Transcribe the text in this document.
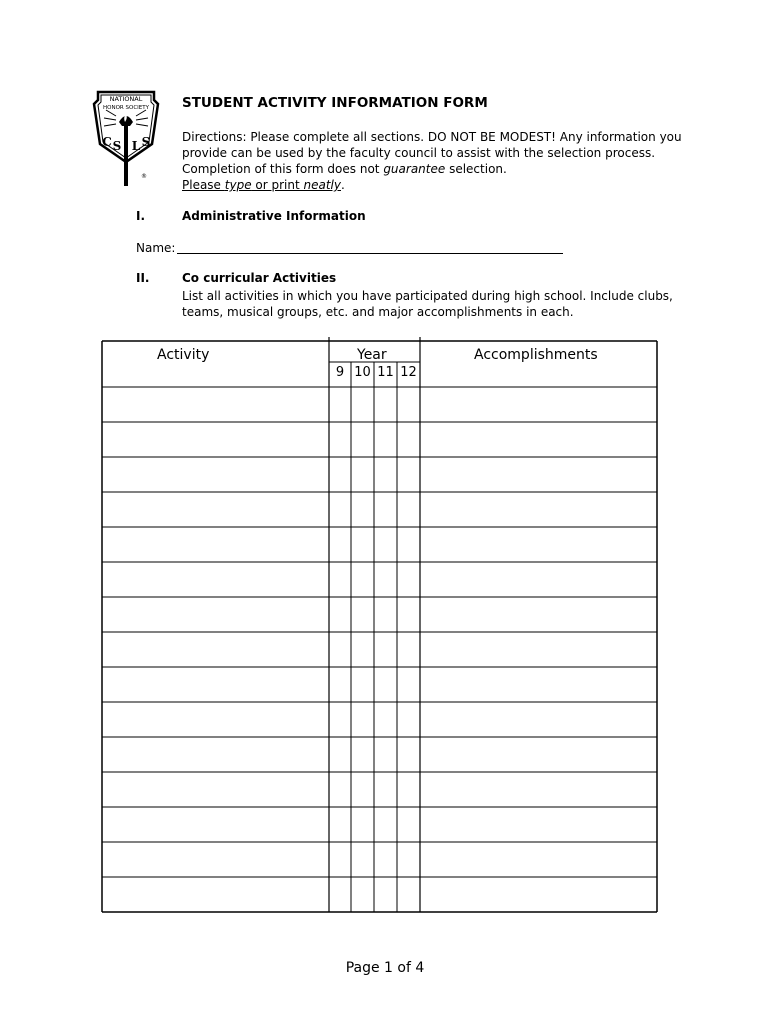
NATIONAL
HONOR SOCIETY
C S L S
®
STUDENT ACTIVITY INFORMATION FORM
Directions: Please complete all sections. DO NOT BE MODEST! Any information you provide can be used by the faculty council to assist with the selection process. Completion of this form does not guarantee selection.
Please type or print neatly.
I.	Administrative Information
Name:
II.	Co curricular Activities
List all activities in which you have participated during high school. Include clubs, teams, musical groups, etc. and major accomplishments in each.
Activity	Year	Accomplishments
9 10 11 12
Page 1 of 4
